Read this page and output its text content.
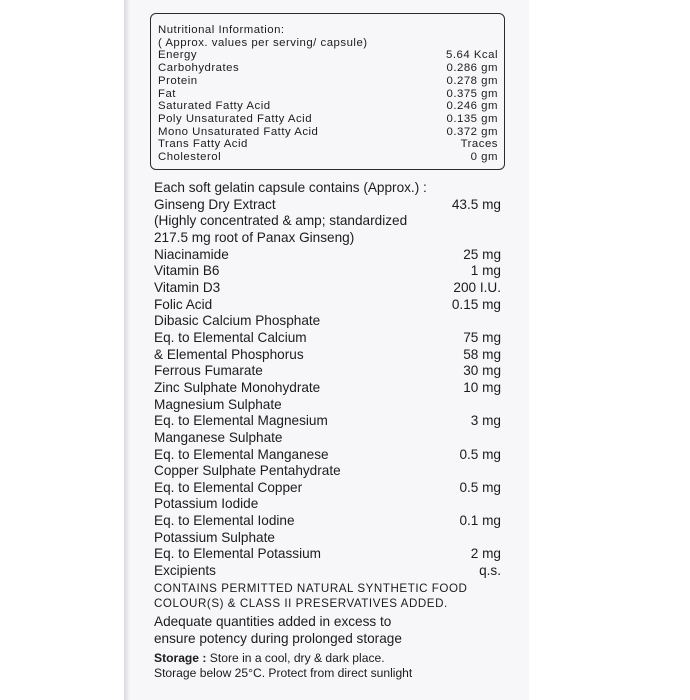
Nutritional Information:
( Approx. values per serving/ capsule)
Energy	5.64 Kcal
Carbohydrates	0.286 gm
Protein	0.278 gm
Fat	0.375 gm
Saturated Fatty Acid	0.246 gm
Poly Unsaturated Fatty Acid	0.135 gm
Mono Unsaturated Fatty Acid	0.372 gm
Trans Fatty Acid	Traces
Cholesterol	0 gm
Each soft gelatin capsule contains (Approx.) :
Ginseng Dry Extract	43.5 mg
(Highly concentrated & amp; standardized
217.5 mg root of Panax Ginseng)
Niacinamide	25 mg
Vitamin B6	1 mg
Vitamin D3	200 I.U.
Folic Acid	0.15 mg
Dibasic Calcium Phosphate
Eq. to Elemental Calcium	75 mg
& Elemental Phosphorus	58 mg
Ferrous Fumarate	30 mg
Zinc Sulphate Monohydrate	10 mg
Magnesium Sulphate
Eq. to Elemental Magnesium	3 mg
Manganese Sulphate
Eq. to Elemental Manganese	0.5 mg
Copper Sulphate Pentahydrate
Eq. to Elemental Copper	0.5 mg
Potassium Iodide
Eq. to Elemental Iodine	0.1 mg
Potassium Sulphate
Eq. to Elemental Potassium	2 mg
Excipients	q.s.
CONTAINS PERMITTED NATURAL SYNTHETIC FOOD
COLOUR(S) & CLASS II PRESERVATIVES ADDED.
Adequate quantities added in excess to
ensure potency during prolonged storage
Storage : Store in a cool, dry & dark place.
Storage below 25°C. Protect from direct sunlight
